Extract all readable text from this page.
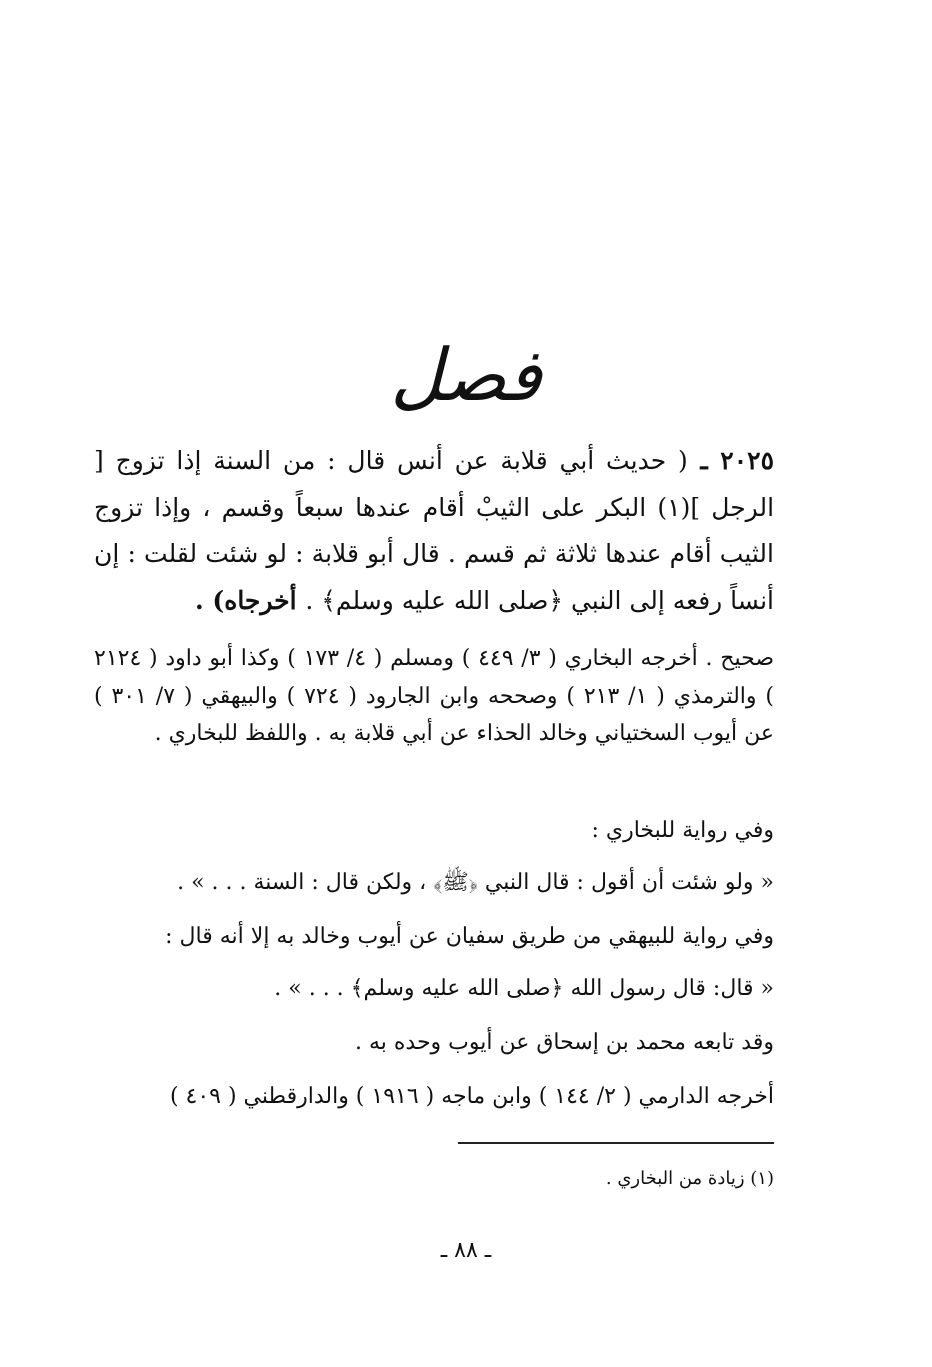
فصل
٢٠٢٥ ـ ( حديث أبي قلابة عن أنس قال : من السنة إذا تزوج [ الرجل ](١) البكر على الثيبْ أقام عندها سبعاً وقسم ، وإذا تزوج الثيب أقام عندها ثلاثة ثم قسم . قال أبو قلابة : لو شئت لقلت : إن أنساً رفعه إلى النبي ﴿صلى الله عليه وسلم﴾ . أخرجاه) .
صحيح . أخرجه البخاري ( ٣/ ٤٤٩ ) ومسلم ( ٤/ ١٧٣ ) وكذا أبو داود ( ٢١٢٤ ) والترمذي ( ١/ ٢١٣ ) وصححه وابن الجارود ( ٧٢٤ ) والبيهقي ( ٧/ ٣٠١ ) عن أيوب السختياني وخالد الحذاء عن أبي قلابة به . واللفظ للبخاري .
وفي رواية للبخاري :
« ولو شئت أن أقول : قال النبي ﴿ﷺ﴾ ، ولكن قال : السنة . . . » .
وفي رواية للبيهقي من طريق سفيان عن أيوب وخالد به إلا أنه قال :
« قال: قال رسول الله ﴿صلى الله عليه وسلم﴾ . . . » .
وقد تابعه محمد بن إسحاق عن أيوب وحده به .
أخرجه الدارمي ( ٢/ ١٤٤ ) وابن ماجه ( ١٩١٦ ) والدارقطني ( ٤٠٩ )
(١) زيادة من البخاري .
ـ ٨٨ ـ
